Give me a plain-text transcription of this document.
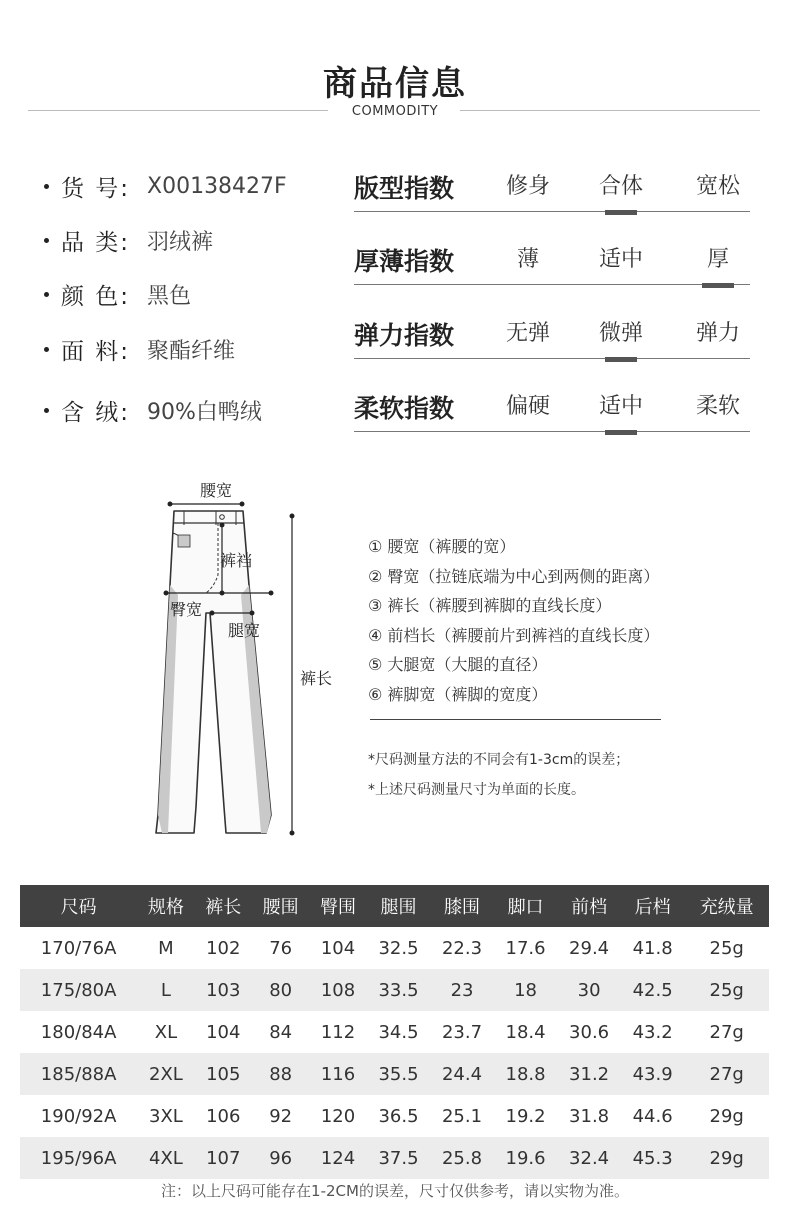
商品信息
COMMODITY
货 号: X00138427F
品 类: 羽绒裤
颜 色: 黑色
面 料: 聚酯纤维
含 绒: 90%白鸭绒
版型指数	修身	合体	宽松
厚薄指数	薄	适中	厚
弹力指数	无弹	微弹	弹力
柔软指数	偏硬	适中	柔软
腰宽
裤裆
臀宽
腿宽
裤长
① 腰宽（裤腰的宽）
② 臀宽（拉链底端为中心到两侧的距离）
③ 裤长（裤腰到裤脚的直线长度）
④ 前档长（裤腰前片到裤裆的直线长度）
⑤ 大腿宽（大腿的直径）
⑥ 裤脚宽（裤脚的宽度）
*尺码测量方法的不同会有1-3cm的误差；
*上述尺码测量尺寸为单面的长度。
尺码	规格	裤长	腰围	臀围	腿围	膝围	脚口	前档	后档	充绒量
170/76A	M	102	76	104	32.5	22.3	17.6	29.4	41.8	25g
175/80A	L	103	80	108	33.5	23	18	30	42.5	25g
180/84A	XL	104	84	112	34.5	23.7	18.4	30.6	43.2	27g
185/88A	2XL	105	88	116	35.5	24.4	18.8	31.2	43.9	27g
190/92A	3XL	106	92	120	36.5	25.1	19.2	31.8	44.6	29g
195/96A	4XL	107	96	124	37.5	25.8	19.6	32.4	45.3	29g
注：以上尺码可能存在1-2CM的误差，尺寸仅供参考，请以实物为准。
